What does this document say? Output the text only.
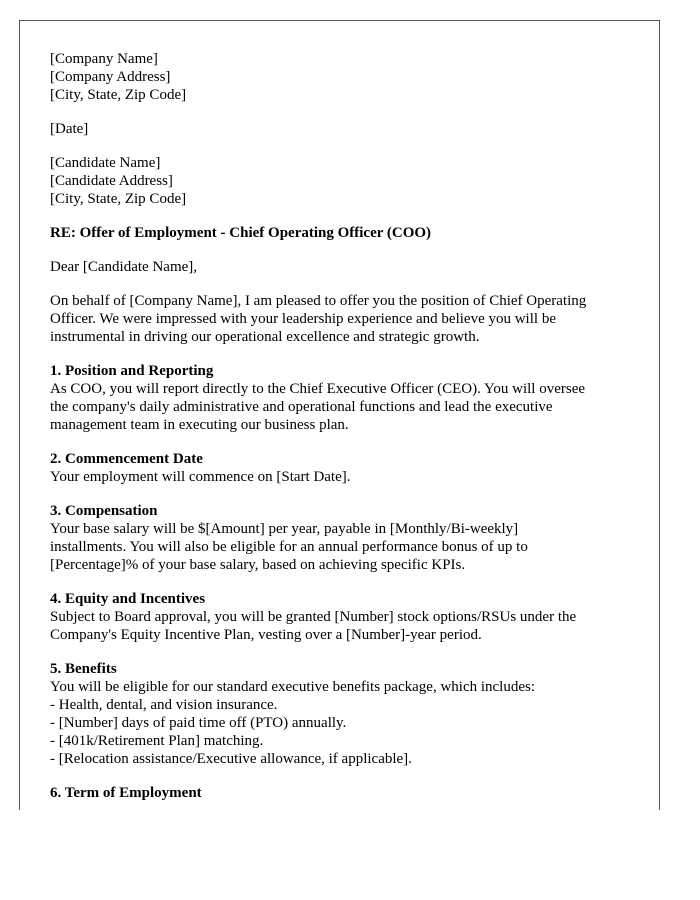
[Company Name]
[Company Address]
[City, State, Zip Code]
[Date]
[Candidate Name]
[Candidate Address]
[City, State, Zip Code]
RE: Offer of Employment - Chief Operating Officer (COO)
Dear [Candidate Name],
On behalf of [Company Name], I am pleased to offer you the position of Chief Operating
Officer. We were impressed with your leadership experience and believe you will be
instrumental in driving our operational excellence and strategic growth.
1. Position and Reporting
As COO, you will report directly to the Chief Executive Officer (CEO). You will oversee
the company's daily administrative and operational functions and lead the executive
management team in executing our business plan.
2. Commencement Date
Your employment will commence on [Start Date].
3. Compensation
Your base salary will be $[Amount] per year, payable in [Monthly/Bi-weekly]
installments. You will also be eligible for an annual performance bonus of up to
[Percentage]% of your base salary, based on achieving specific KPIs.
4. Equity and Incentives
Subject to Board approval, you will be granted [Number] stock options/RSUs under the
Company's Equity Incentive Plan, vesting over a [Number]-year period.
5. Benefits
You will be eligible for our standard executive benefits package, which includes:
- Health, dental, and vision insurance.
- [Number] days of paid time off (PTO) annually.
- [401k/Retirement Plan] matching.
- [Relocation assistance/Executive allowance, if applicable].
6. Term of Employment
